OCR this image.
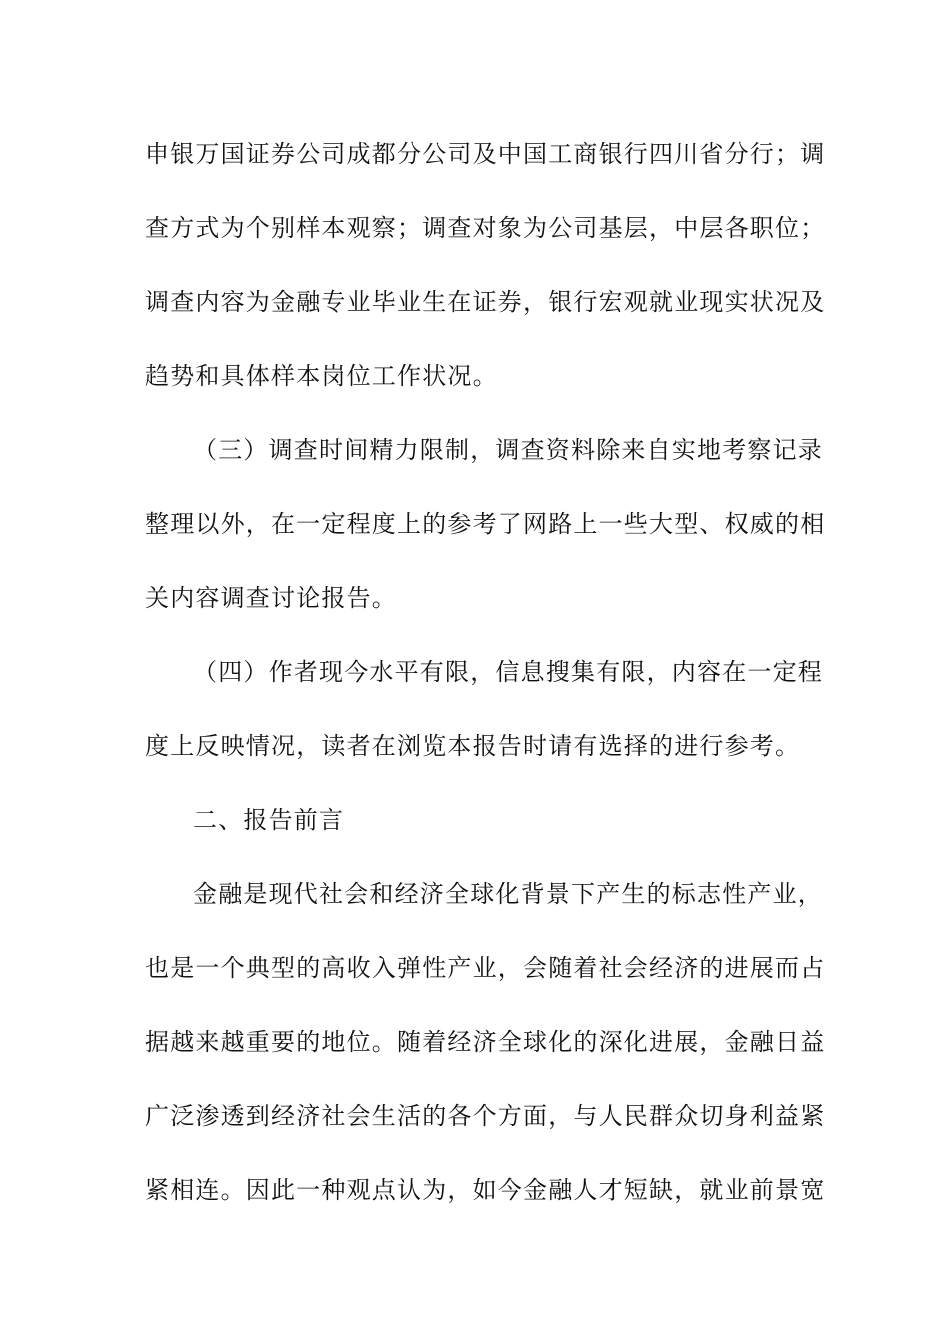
申银万国证券公司成都分公司及中国工商银行四川省分行；调

查方式为个别样本观察；调查对象为公司基层，中层各职位；

调查内容为金融专业毕业生在证券，银行宏观就业现实状况及

趋势和具体样本岗位工作状况。

（三）调查时间精力限制，调查资料除来自实地考察记录

整理以外，在一定程度上的参考了网路上一些大型、权威的相

关内容调查讨论报告。

（四）作者现今水平有限，信息搜集有限，内容在一定程

度上反映情况，读者在浏览本报告时请有选择的进行参考。

二、报告前言

金融是现代社会和经济全球化背景下产生的标志性产业，

也是一个典型的高收入弹性产业，会随着社会经济的进展而占

据越来越重要的地位。随着经济全球化的深化进展，金融日益

广泛渗透到经济社会生活的各个方面，与人民群众切身利益紧

紧相连。因此一种观点认为，如今金融人才短缺，就业前景宽
